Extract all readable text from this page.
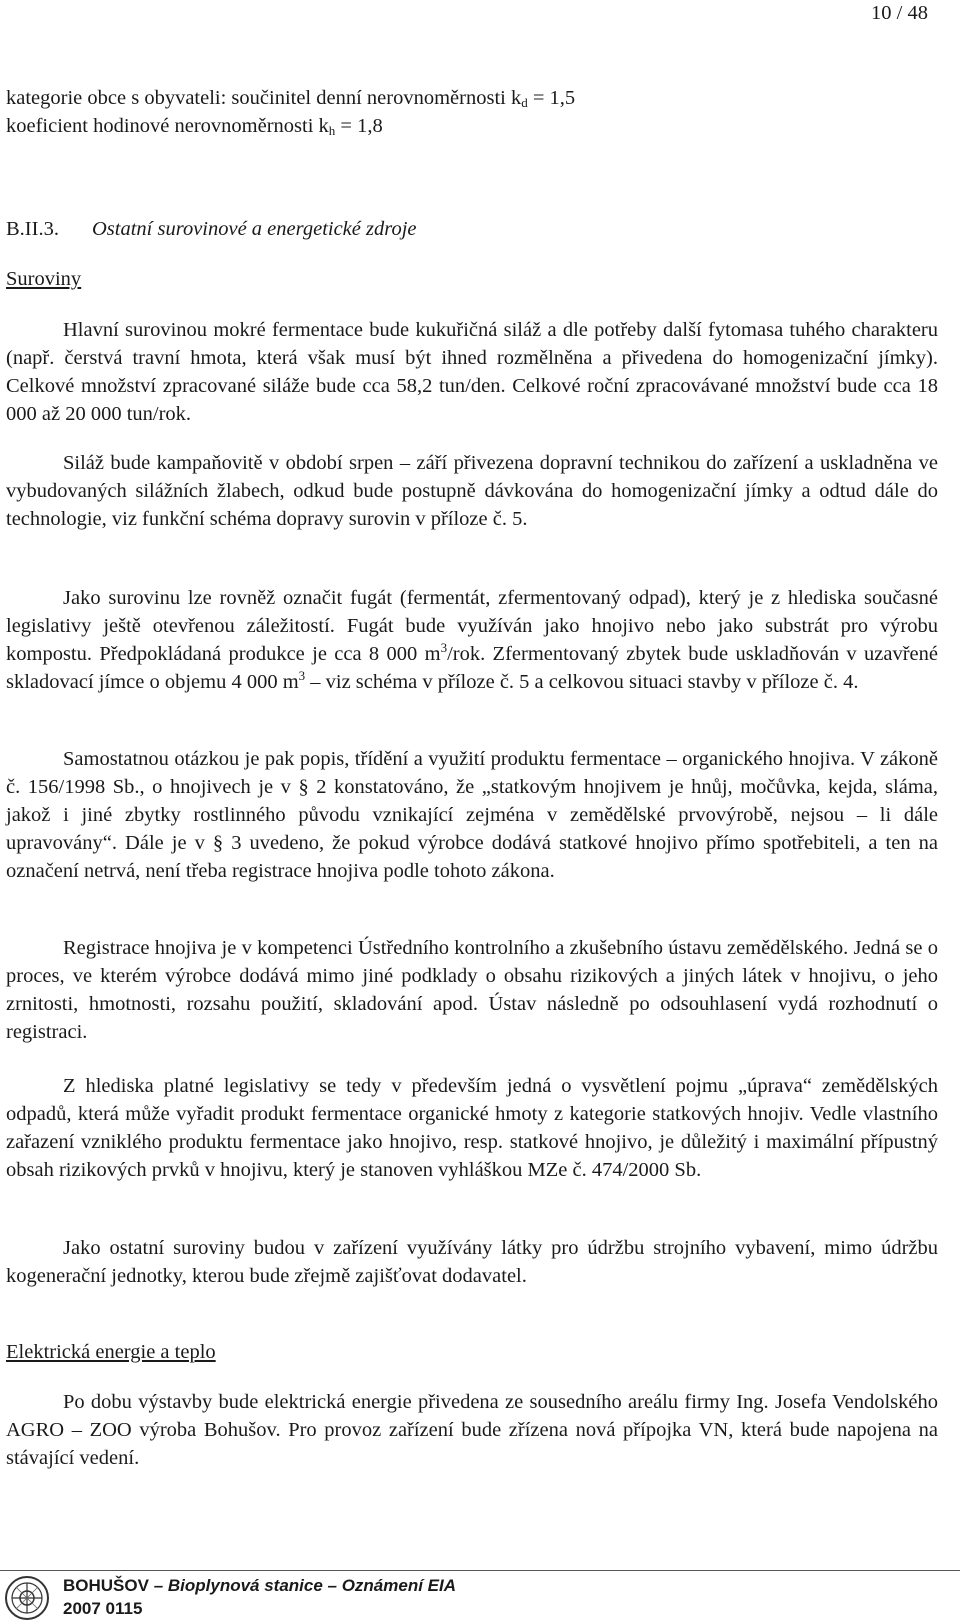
10 / 48
kategorie obce s obyvateli: součinitel denní nerovnoměrnosti $k_d = 1,5$
koeficient hodinové nerovnoměrnosti $k_h = 1,8$
B.II.3. Ostatní surovinové a energetické zdroje
Suroviny
Hlavní surovinou mokré fermentace bude kukuřičná siláž a dle potřeby další fytomasa tuhého charakteru (např. čerstvá travní hmota, která však musí být ihned rozmělněna a přivedena do homogenizační jímky). Celkové množství zpracované siláže bude cca 58,2 tun/den. Celkové roční zpracovávané množství bude cca 18 000 až 20 000 tun/rok.
Siláž bude kampaňovitě v období srpen – září přivezena dopravní technikou do zařízení a uskladněna ve vybudovaných silážních žlabech, odkud bude postupně dávkována do homogenizační jímky a odtud dále do technologie, viz funkční schéma dopravy surovin v příloze č. 5.
Jako surovinu lze rovněž označit fugát (fermentát, zfermentovaný odpad), který je z hlediska současné legislativy ještě otevřenou záležitostí. Fugát bude využíván jako hnojivo nebo jako substrát pro výrobu kompostu. Předpokládaná produkce je cca 8 000 $m^3$/rok. Zfermentovaný zbytek bude uskladňován v uzavřené skladovací jímce o objemu 4 000 $m^3$ – viz schéma v příloze č. 5 a celkovou situaci stavby v příloze č. 4.
Samostatnou otázkou je pak popis, třídění a využití produktu fermentace – organického hnojiva. V zákoně č. 156/1998 Sb., o hnojivech je v § 2 konstatováno, že „statkovým hnojivem je hnůj, močůvka, kejda, sláma, jakož i jiné zbytky rostlinného původu vznikající zejména v zemědělské prvovýrobě, nejsou – li dále upravovány“. Dále je v § 3 uvedeno, že pokud výrobce dodává statkové hnojivo přímo spotřebiteli, a ten na označení netrvá, není třeba registrace hnojiva podle tohoto zákona.
Registrace hnojiva je v kompetenci Ústředního kontrolního a zkušebního ústavu zemědělského. Jedná se o proces, ve kterém výrobce dodává mimo jiné podklady o obsahu rizikových a jiných látek v hnojivu, o jeho zrnitosti, hmotnosti, rozsahu použití, skladování apod. Ústav následně po odsouhlasení vydá rozhodnutí o registraci.
Z hlediska platné legislativy se tedy v především jedná o vysvětlení pojmu „úprava“ zemědělských odpadů, která může vyřadit produkt fermentace organické hmoty z kategorie statkových hnojiv. Vedle vlastního zařazení vzniklého produktu fermentace jako hnojivo, resp. statkové hnojivo, je důležitý i maximální přípustný obsah rizikových prvků v hnojivu, který je stanoven vyhláškou MZe č. 474/2000 Sb.
Jako ostatní suroviny budou v zařízení využívány látky pro údržbu strojního vybavení, mimo údržbu kogenerační jednotky, kterou bude zřejmě zajišťovat dodavatel.
Elektrická energie a teplo
Po dobu výstavby bude elektrická energie přivedena ze sousedního areálu firmy Ing. Josefa Vendolského AGRO – ZOO výroba Bohušov. Pro provoz zařízení bude zřízena nová přípojka VN, která bude napojena na stávající vedení.
BOHUŠOV – Bioplynová stanice – Oznámení EIA
2007 0115
